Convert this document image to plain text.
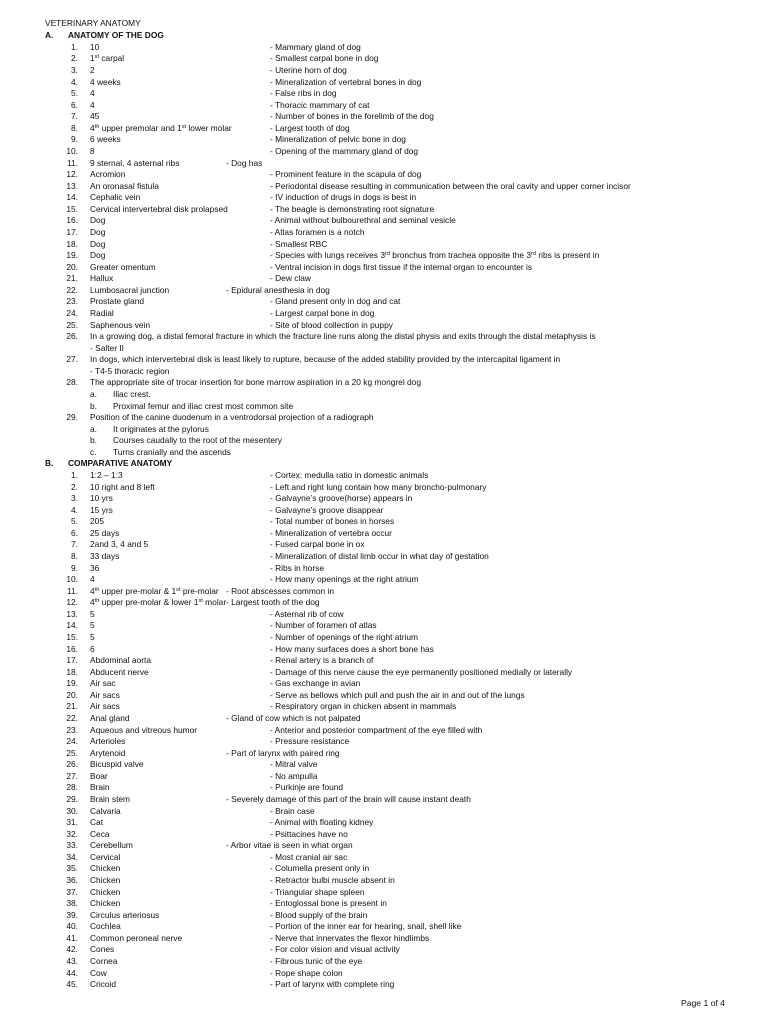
VETERINARY ANATOMY
A. ANATOMY OF THE DOG
1. 10	- Mammary gland of dog
2. 1st carpal	- Smallest carpal bone in dog
3. 2	- Uterine horn of dog
4. 4 weeks	- Mineralization of vertebral bones in dog
5. 4	- False ribs in dog
6. 4	- Thoracic mammary of cat
7. 45	- Number of bones in the forelimb of the dog
8. 4th upper premolar and 1st lower molar	- Largest tooth of dog
9. 6 weeks	- Mineralization of pelvic bone in dog
10. 8	- Opening of the mammary gland of dog
11. 9 sternal, 4 asternal ribs	- Dog has
12. Acromion	- Prominent feature in the scapula of dog
13. An oronasal fistula	- Periodontal disease resulting in communication between the oral cavity and upper corner incisor
14. Cephalic vein	- IV induction of drugs in dogs is best in
15. Cervical intervertebral disk prolapsed	- The beagle is demonstrating root signature
16. Dog	- Animal without bulbourethral and seminal vesicle
17. Dog	- Atlas foramen is a notch
18. Dog	- Smallest RBC
19. Dog	- Species with lungs receives 3rd bronchus from trachea opposite the 3rd ribs is present in
20. Greater omentum	- Ventral incision in dogs first tissue if the internal organ to encounter is
21. Hallux	- Dew claw
22. Lumbosacral junction	- Epidural anesthesia in dog
23. Prostate gland	- Gland present only in dog and cat
24. Radial	- Largest carpal bone in dog
25. Saphenous vein	- Site of blood collection in puppy
26. In a growing dog, a distal femoral fracture in which the fracture line runs along the distal physis and exits through the distal metaphysis is
- Salter II
27. In dogs, which intervertebral disk is least likely to rupture, because of the added stability provided by the intercapital ligament in
- T4-5 thoracic region
28. The appropriate site of trocar insertion for bone marrow aspiration in a 20 kg mongrel dog
a. Iliac crest.
b. Proximal femur and iliac crest most common site
29. Position of the canine duodenum in a ventrodorsal projection of a radiograph
a. It originates at the pylorus
b. Courses caudally to the root of the mesentery
c. Turns cranially and the ascends
B. COMPARATIVE ANATOMY
1. 1:2 – 1:3	- Cortex: medulla ratio in domestic animals
2. 10 right and 8 left	- Left and right lung contain how many broncho-pulmonary
3. 10 yrs	- Galvayne’s groove(horse) appears in
4. 15 yrs	- Galvayne’s groove disappear
5. 205	- Total number of bones in horses
6. 25 days	- Mineralization of vertebra occur
7. 2and 3, 4 and 5	- Fused carpal bone in ox
8. 33 days	- Mineralization of distal limb occur in what day of gestation
9. 36	- Ribs in horse
10. 4	- How many openings at the right atrium
11. 4th upper pre-molar & 1st pre-molar - Root abscesses common in
12. 4th upper pre-molar & lower 1st molar - Largest tooth of the dog
13. 5	- Asternal rib of cow
14. 5	- Number of foramen of atlas
15. 5	- Number of openings of the right atrium
16. 6	- How many surfaces does a short bone has
17. Abdominal aorta	- Renal artery is a branch of
18. Abducent nerve	- Damage of this nerve cause the eye permanently positioned medially or laterally
19. Air sac	- Gas exchange in avian
20. Air sacs	- Serve as bellows which pull and push the air in and out of the lungs
21. Air sacs	- Respiratory organ in chicken absent in mammals
22. Anal gland	- Gland of cow which is not palpated
23. Aqueous and vitreous humor	- Anterior and posterior compartment of the eye filled with
24. Arterioles	- Pressure resistance
25. Arytenoid	- Part of larynx with paired ring
26. Bicuspid valve	- Mitral valve
27. Boar	- No ampulla
28. Brain	- Purkinje are found
29. Brain stem	- Severely damage of this part of the brain will cause instant death
30. Calvaria	- Brain case
31. Cat	- Animal with floating kidney
32. Ceca	- Psittacines have no
33. Cerebellum	- Arbor vitae is seen in what organ
34. Cervical	- Most cranial air sac
35. Chicken	- Columella present only in
36. Chicken	- Retractor bulbi muscle absent in
37. Chicken	- Triangular shape spleen
38. Chicken	- Entoglossal bone is present in
39. Circulus arteriosus	- Blood supply of the brain
40. Cochlea	- Portion of the inner ear for hearing, snail, shell like
41. Common peroneal nerve	- Nerve that innervates the flexor hindlimbs
42. Cones	- For color vision and visual activity
43. Cornea	- Fibrous tunic of the eye
44. Cow	- Rope shape colon
45. Cricoid	- Part of larynx with complete ring
Page 1 of 4
